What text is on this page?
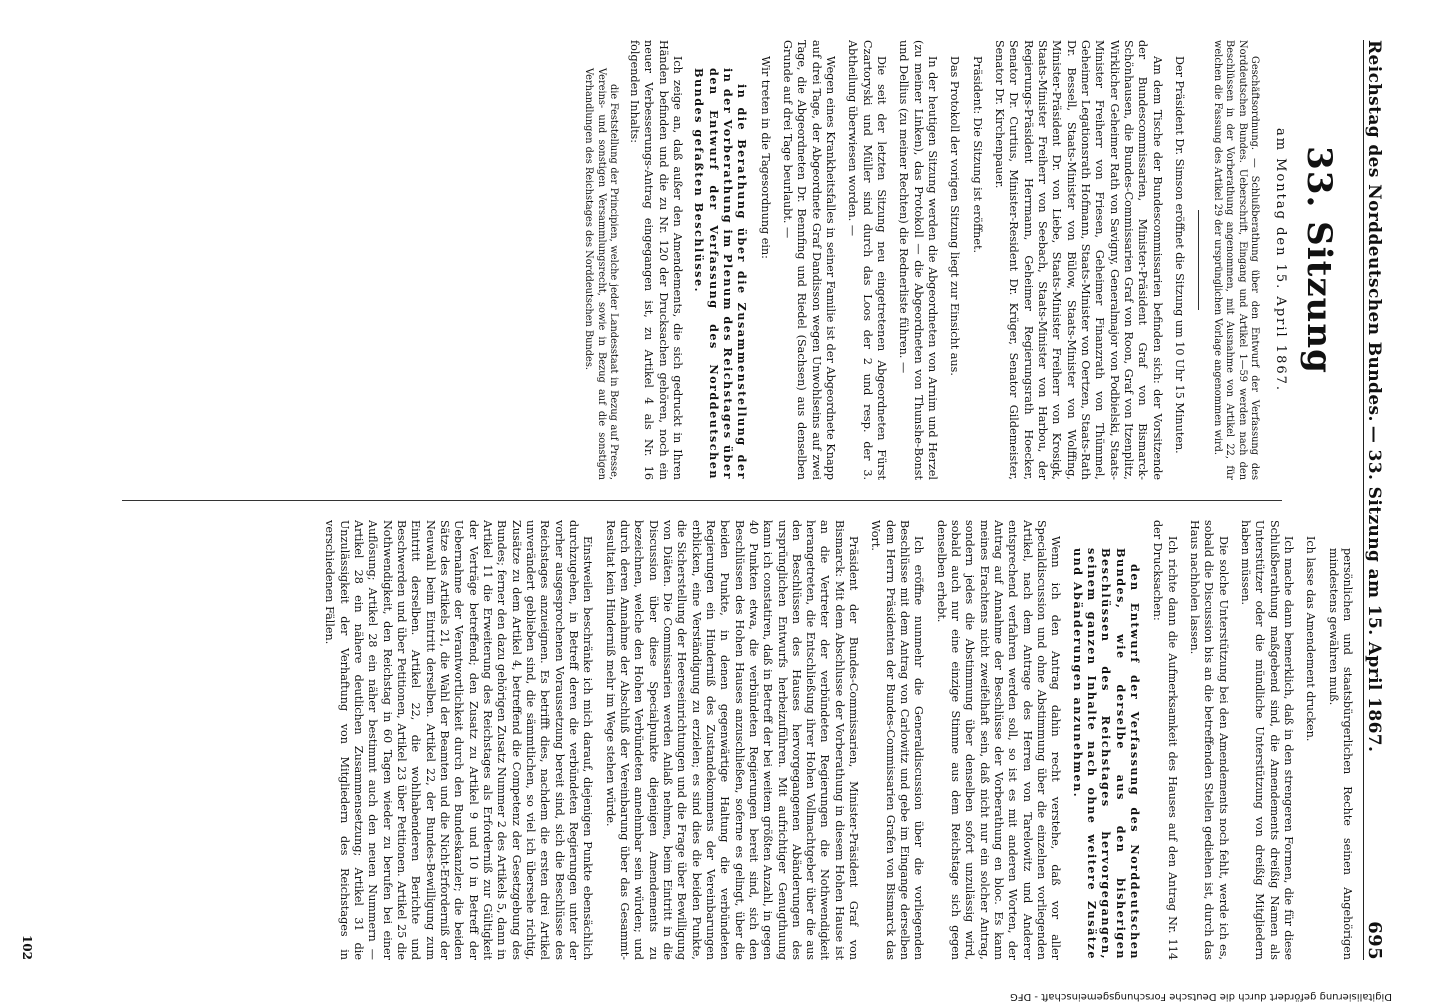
Reichstag des Norddeutschen Bundes.
— 33. Sitzung am 15. April 1867.
695
33. Sitzung
am Montag den 15. April 1867.

Geschäftsordnung. — Schlußberathung über den Entwurf der Verfassung des Norddeutschen Bundes. Ueberschrift, Eingang und Artikel 1—59 werden nach den Beschlüssen in der Vorberathung angenommen, mit Ausnahme von Artikel 22, für welchen die Fassung des Artikel 29 der ursprünglichen Vorlage angenommen wird.

Der Präsident Dr. Simson eröffnet die Sitzung um 10 Uhr 15 Minuten.

Am dem Tische der Bundescommissarien befinden sich: der Vorsitzende der Bundescommissarien, Minister-Präsident Graf von Bismarck-Schönhausen, die Bundes-Commissarien Graf von Roon, Graf von Itzenplitz, Wirklicher Geheimer Rath von Savigny, Generalmajor von Podbielski, Staats-Minister Freiherr von Friesen, Geheimer Finanzrath von Thümmel, Geheimer Legationsrath Hofmann, Staats-Minister von Oertzen, Staats-Rath Dr. Bessell, Staats-Minister von Bülow, Staats-Minister von Wolffing, Minister-Präsident Dr. von Liebe, Staats-Minister Freiherr von Krosigk, Staats-Minister Freiherr von Seebach, Staats-Minister von Harbou, der Regierungs-Präsident Herrmann, Geheimer Regierungsrath Hoecker, Senator Dr. Curtius, Minister-Resident Dr. Krüger, Senator Gildemeister, Senator Dr. Kirchenpauer.

Präsident: Die Sitzung ist eröffnet.

Das Protokoll der vorigen Sitzung liegt zur Einsicht aus.

In der heutigen Sitzung werden die Abgeordneten von Arnim und Herzel (zu meiner Linken), das Protokoll — die Abgeordneten von Thunshe-Bonst und Dellius (zu meiner Rechten) die Rednerliste führen. —

Die seit der letzten Sitzung neu eingetretenen Abgeordneten Fürst Czartoryski und Müller sind durch das Loos der 2 und resp. der 3. Abtheilung überwiesen worden. —

Wegen eines Krankheitsfalles in seiner Familie ist der Abgeordnete Knapp auf drei Tage, der Abgeordnete Graf Dandisson wegen Unwohlseins auf zwei Tage, die Abgeordneten Dr. Bennfing und Riedel (Sachsen) aus denselben Grunde auf drei Tage beurlaubt. —

Wir treten in die Tagesordnung ein:

in die Berathung über die Zusammenstellung der in der Vorberathung im Plenum des Reichstages über den Entwurf der Verfassung des Norddeutschen Bundes gefaßten Beschlüsse.

Ich zeige an, daß außer den Amendements, die sich gedruckt in Ihren Händen befinden und die zu Nr. 120 der Drucksachen gehören, noch ein neuer Verbesserungs-Antrag eingegangen ist, zu Artikel 4 als Nr. 16 folgenden Inhalts:

die Feststellung der Principien, welche jeder Landesstaat in Bezug auf Presse, Vereins- und sonstigen Versammlungsrecht, sowie in Bezug auf die sonstigen Verhandlungen des Reichstages des Norddeutschen Bundes.

persönlichen und staatsbürgerlichen Rechte seinen Angehörigen mindestens gewähren muß.

Ich lasse das Amendement drucken.

Ich mache dann bemerklich, daß in den strengeren Formen, die für diese Schlußberathung maßgebend sind, die Amendements dreißig Namen als Unterstützer oder die mündliche Unterstützung von dreißig Mitgliedern haben müssen.

Die solche Unterstützung bei den Amendements noch fehlt, werde ich es, sobald die Discussion bis an die betreffenden Stellen gediehen ist, durch das Haus nachholen lassen.

Ich richte dann die Aufmerksamkeit des Hauses auf den Antrag Nr. 114 der Drucksachen:

den Entwurf der Verfassung des Norddeutschen Bundes, wie derselbe aus den bisherigen Beschlüssen des Reichstages hervorgegangen, seinem ganzen Inhalte nach ohne weitere Zusätze und Abänderungen anzunehmen.

Wenn ich den Antrag dahin recht verstehe, daß vor aller Specialdiscussion und ohne Abstimmung über die einzelnen vorliegenden Artikel, nach dem Antrage des Herren von Tarelowitz und Anderer entsprechend verfahren werden soll, so ist es mit anderen Worten, der Antrag auf Annahme der Beschlüsse der Vorberathung en bloc. Es kann meines Erachtens nicht zweifelhaft sein, daß nicht nur ein solcher Antrag, sondern jedes die Abstimmung über denselben sofort unzulässig wird, sobald auch nur eine einzige Stimme aus dem Reichstage sich gegen denselben erhebt.

Ich eröffne nunmehr die Generaldiscussion über die vorliegenden Beschlüsse mit dem Antrag von Carlowitz und gebe im Eingange derselben dem Herrn Präsidenten der Bundes-Commissarien Grafen von Bismarck das Wort.

Präsident der Bundes-Commissarien, Minister-Präsident Graf von Bismarck: Mit dem Abschlusse der Vorberathung in diesem Hohen Hause ist an die Vertreter der verbündeten Regierungen die Nothwendigkeit herangetreten, die Entschließung ihrer Hohen Vollmachtgeber über die aus den Beschlüssen des Hauses hervorgegangenen Abänderungen des ursprünglichen Entwurfs herbeizuführen. Mit aufrichtiger Genugthuung kann ich constatiren, daß in Betreff der bei weitem größten Anzahl, in gegen 40 Punkten etwa, die verbündeten Regierungen bereit sind, sich den Beschlüssen des Hohen Hauses anzuschließen, soferne es gelingt, über die beiden Punkte, in denen gegenwärtige Haltung die verbündeten Regierungen ein Hinderniß des Zustandekommens der Vereinbarungen erblicken, eine Verständigung zu erzielen; es sind dies die beiden Punkte, die Sicherstellung der Heereseinrichtungen und die Frage über Bewilligung von Diäten. Die Commissarien werden Anlaß nehmen, beim Eintritt in die Discussion über diese Specialpunkte diejenigen Amendements zu bezeichnen, welche den Hohen Verbündeten annehmbar sein würden; und durch deren Annahme der Abschluß der Vereinbarung über das Gesammt-Resultat kein Hinderniß mehr im Wege stehen würde.

Einstweilen beschränke ich mich darauf, diejenigen Punkte ebensächlich durchzugehen, in Betreff deren die verbündeten Regierungen unter der vorher ausgesprochenen Voraussetzung bereit sind, sich die Beschlüsse des Reichstages anzueignen. Es betrifft dies, nachdem die ersten drei Artikel unverändert geblieben sind, die sämmtlichen, so viel ich übersehe richtig, Zusätze zu dem Artikel 4, betreffend die Competenz der Gesetzgebung des Bundes; ferner den dazu gehörigen Zusatz Nummer 2 des Artikels 5, dann in Artikel 11 die Erweiterung des Reichstages als Erforderniß zur Gültigkeit der Verträge betreffend; den Zusatz zu Artikel 9 und 10 in Betreff der Uebernahme der Verantwortlichkeit durch den Bundeskanzler; die beiden Sätze des Artikels 21, die Wahl der Beamten und die Nicht-Erforderniß der Neuwahl beim Eintritt derselben. Artikel 22, der Bundes-Bewilligung zum Eintritt derselben. Artikel 22, die wohlhabenderen Berichte und Beschwerden und über Petitionen, Artikel 23 über Petitionen. Artikel 25 die Nothwendigkeit, den Reichstag in 60 Tagen wieder zu berufen bei einer Auflösung; Artikel 28 ein näher bestimmt auch den neuen Nummern — Artikel 28 ein nähere deutlichen Zusammensetzung; Artikel 31 die Unzulässigkeit der Verhaftung von Mitgliedern des Reichstages in verschiedenen Fällen.

102
Digitalisierung gefördert durch die Deutsche Forschungsgemeinschaft - DFG
